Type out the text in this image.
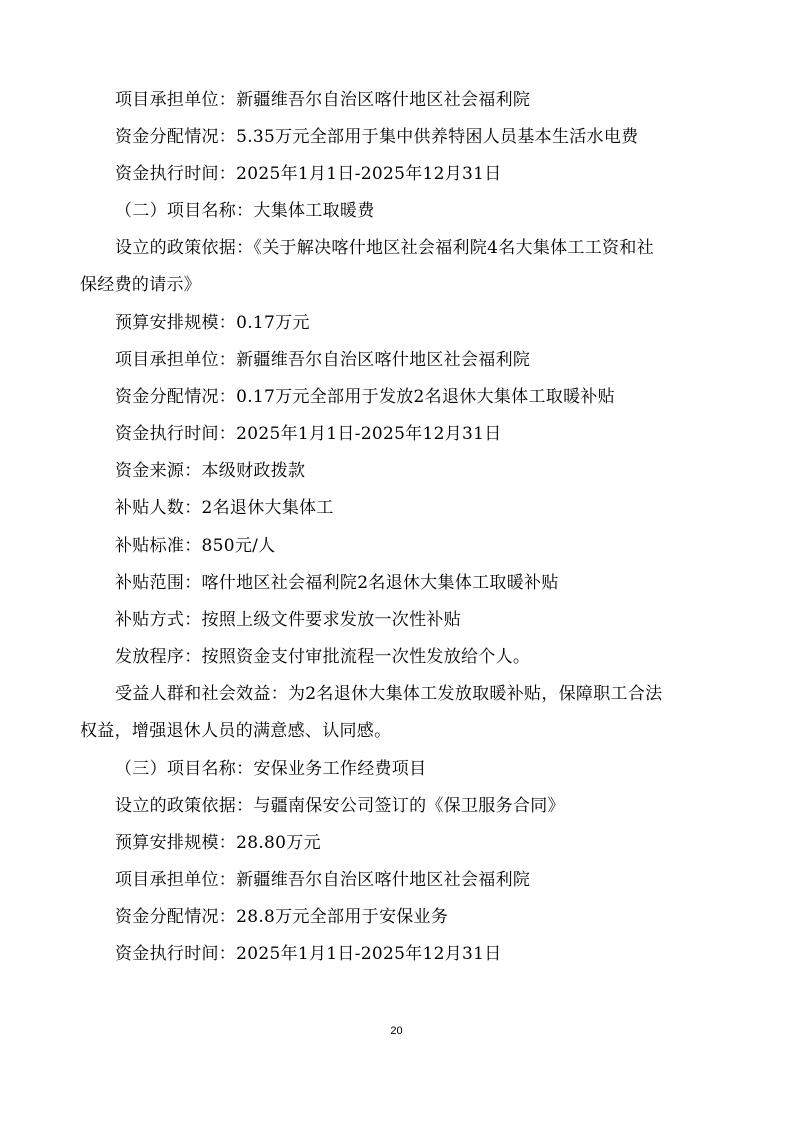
项目承担单位：新疆维吾尔自治区喀什地区社会福利院
资金分配情况：5.35万元全部用于集中供养特困人员基本生活水电费
资金执行时间：2025年1月1日-2025年12月31日
（二）项目名称：大集体工取暖费
设立的政策依据：《关于解决喀什地区社会福利院4名大集体工工资和社
保经费的请示》
预算安排规模：0.17万元
项目承担单位：新疆维吾尔自治区喀什地区社会福利院
资金分配情况：0.17万元全部用于发放2名退休大集体工取暖补贴
资金执行时间：2025年1月1日-2025年12月31日
资金来源：本级财政拨款
补贴人数：2名退休大集体工
补贴标准：850元/人
补贴范围：喀什地区社会福利院2名退休大集体工取暖补贴
补贴方式：按照上级文件要求发放一次性补贴
发放程序：按照资金支付审批流程一次性发放给个人。
受益人群和社会效益：为2名退休大集体工发放取暖补贴，保障职工合法
权益，增强退休人员的满意感、认同感。
（三）项目名称：安保业务工作经费项目
设立的政策依据：与疆南保安公司签订的《保卫服务合同》
预算安排规模：28.80万元
项目承担单位：新疆维吾尔自治区喀什地区社会福利院
资金分配情况：28.8万元全部用于安保业务
资金执行时间：2025年1月1日-2025年12月31日
20
